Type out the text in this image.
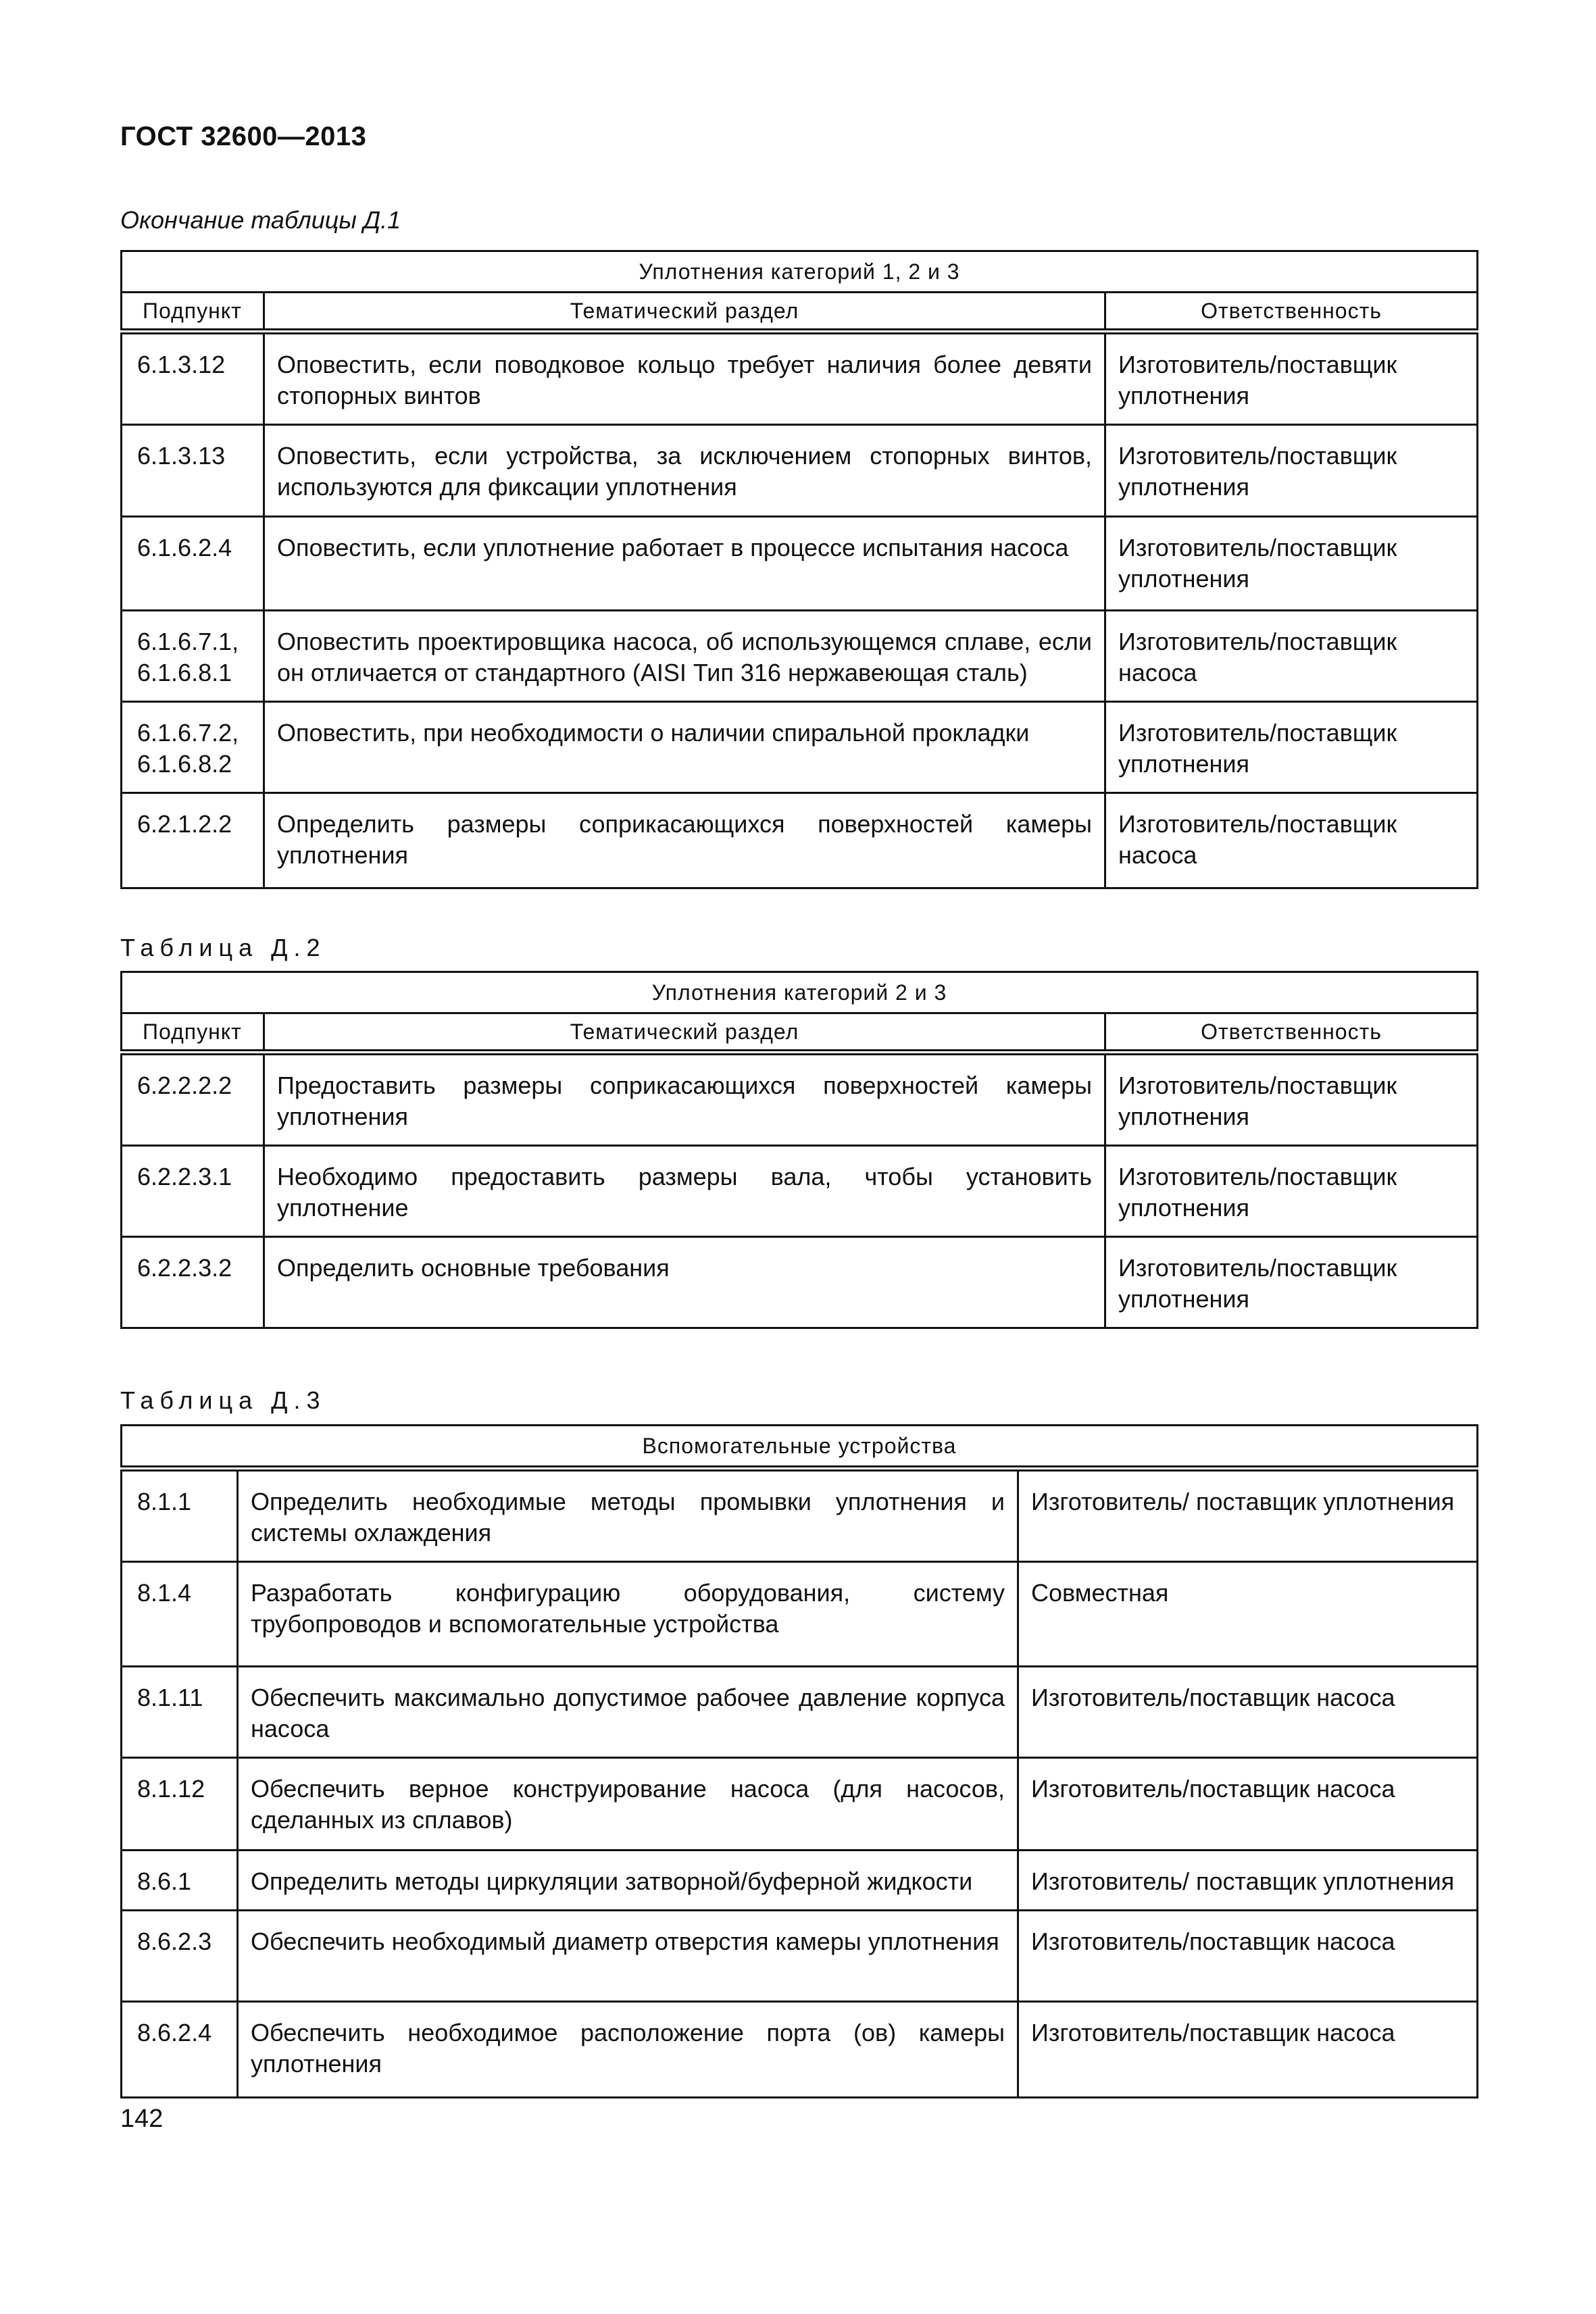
ГОСТ 32600—2013
Окончание таблицы Д.1
Уплотнения категорий 1, 2 и 3		
Подпункт	Тематический раздел	Ответственность

6.1.3.12	Оповестить, если поводковое кольцо требует наличия более девяти стопорных винтов	Изготовитель/поставщик уплотнения

6.1.3.13	Оповестить, если устройства, за исключением стопорных винтов, используются для фиксации уплотнения	Изготовитель/поставщик уплотнения

6.1.6.2.4	Оповестить, если уплотнение работает в процессе испытания насоса	Изготовитель/поставщик уплотнения

6.1.6.7.1, 6.1.6.8.1	Оповестить проектировщика насоса, об использующемся сплаве, если он отличается от стандартного (AISI Тип 316 нержавеющая сталь)	Изготовитель/поставщик насоса

6.1.6.7.2, 6.1.6.8.2	Оповестить, при необходимости о наличии спиральной прокладки	Изготовитель/поставщик уплотнения

6.2.1.2.2	Определить размеры соприкасающихся поверхностей камеры уплотнения	Изготовитель/поставщик насоса
Таблица Д.2
Уплотнения категорий 2 и 3		
Подпункт	Тематический раздел	Ответственность

6.2.2.2.2	Предоставить размеры соприкасающихся поверхностей камеры уплотнения	Изготовитель/поставщик уплотнения

6.2.2.3.1	Необходимо предоставить размеры вала, чтобы установить уплотнение	Изготовитель/поставщик уплотнения

6.2.2.3.2	Определить основные требования	Изготовитель/поставщик уплотнения
Таблица Д.3
Вспомогательные устройства		

8.1.1	Определить необходимые методы промывки уплотнения и системы охлаждения	Изготовитель/ поставщик уплотнения

8.1.4	Разработать конфигурацию оборудования, систему трубопроводов и вспомогательные устройства	Совместная

8.1.11	Обеспечить максимально допустимое рабочее давление корпуса насоса	Изготовитель/поставщик насоса

8.1.12	Обеспечить верное конструирование насоса (для насосов, сделанных из сплавов)	Изготовитель/поставщик насоса

8.6.1	Определить методы циркуляции затворной/буферной жидкости	Изготовитель/ поставщик уплотнения

8.6.2.3	Обеспечить необходимый диаметр отверстия камеры уплотнения	Изготовитель/поставщик насоса

8.6.2.4	Обеспечить необходимое расположение порта (ов) камеры уплотнения	Изготовитель/поставщик насоса
142
